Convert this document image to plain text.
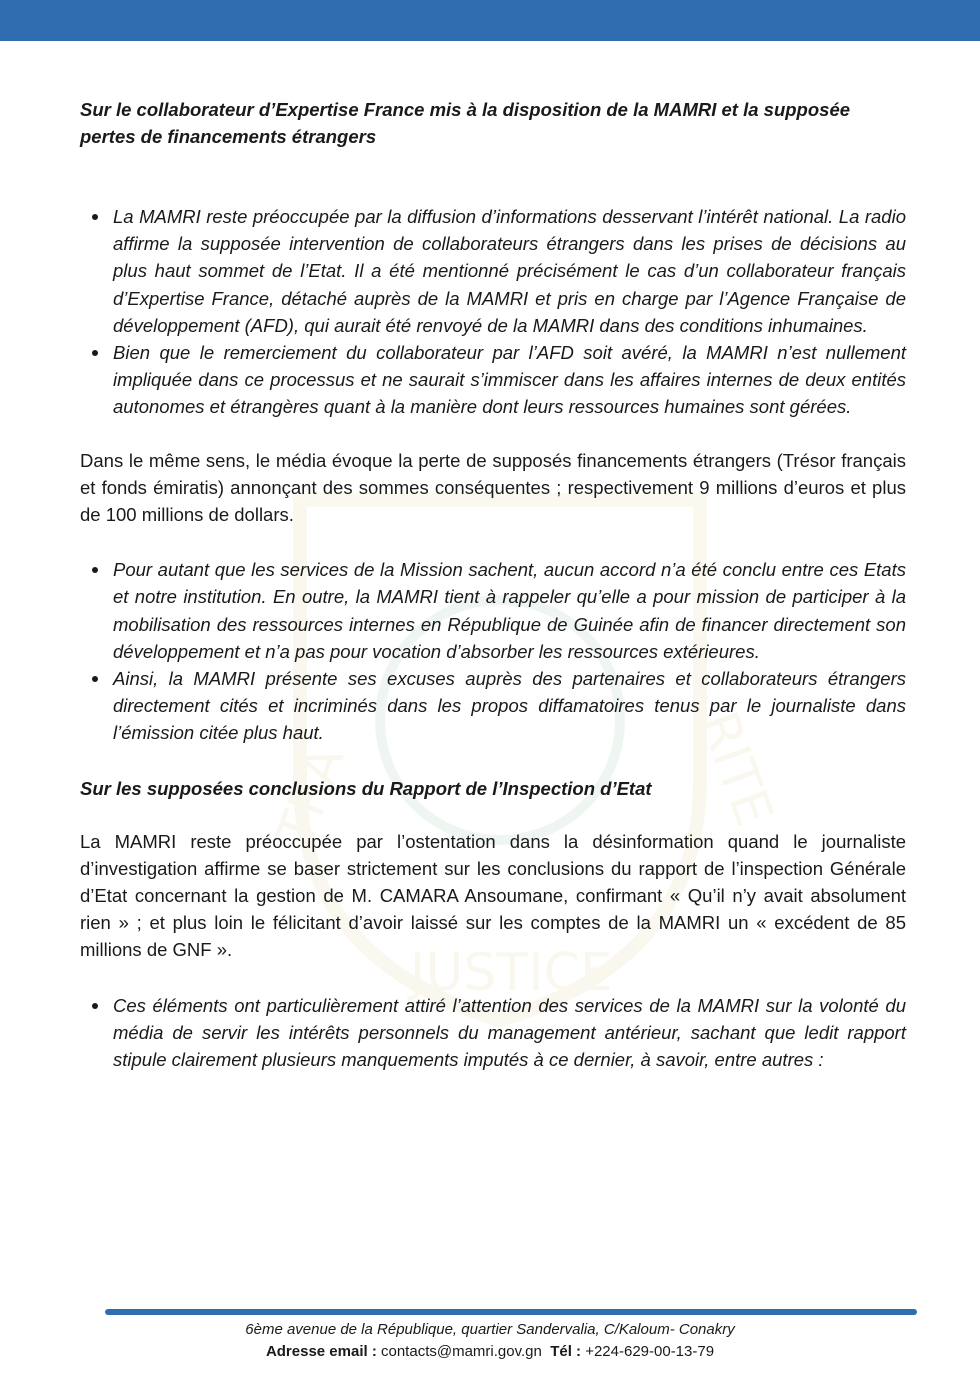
TRA	RITE
JUSTICE

Sur le collaborateur d’Expertise France mis à la disposition de la MAMRI et la supposée pertes de financements étrangers

La MAMRI reste préoccupée par la diffusion d’informations desservant l’intérêt national. La radio affirme la supposée intervention de collaborateurs étrangers dans les prises de décisions au plus haut sommet de l’Etat. Il a été mentionné précisément le cas d’un collaborateur français d’Expertise France, détaché auprès de la MAMRI et pris en charge par l’Agence Française de développement (AFD), qui aurait été renvoyé de la MAMRI dans des conditions inhumaines.
Bien que le remerciement du collaborateur par l’AFD soit avéré, la MAMRI n’est nullement impliquée dans ce processus et ne saurait s’immiscer dans les affaires internes de deux entités autonomes et étrangères quant à la manière dont leurs ressources humaines sont gérées.

Dans le même sens, le média évoque la perte de supposés financements étrangers (Trésor français et fonds émiratis) annonçant des sommes conséquentes ; respectivement 9 millions d’euros et plus de 100 millions de dollars.

Pour autant que les services de la Mission sachent, aucun accord n’a été conclu entre ces Etats et notre institution. En outre, la MAMRI tient à rappeler qu’elle a pour mission de participer à la mobilisation des ressources internes en République de Guinée afin de financer directement son développement et n’a pas pour vocation d’absorber les ressources extérieures.
Ainsi, la MAMRI présente ses excuses auprès des partenaires et collaborateurs étrangers directement cités et incriminés dans les propos diffamatoires tenus par le journaliste dans l’émission citée plus haut.

Sur les supposées conclusions du Rapport de l’Inspection d’Etat

La MAMRI reste préoccupée par l’ostentation dans la désinformation quand le journaliste d’investigation affirme se baser strictement sur les conclusions du rapport de l’inspection Générale d’Etat concernant la gestion de M. CAMARA Ansoumane, confirmant « Qu’il n’y avait absolument rien » ; et plus loin le félicitant d’avoir laissé sur les comptes de la MAMRI un « excédent de 85 millions de GNF ».

Ces éléments ont particulièrement attiré l’attention des services de la MAMRI sur la volonté du média de servir les intérêts personnels du management antérieur, sachant que ledit rapport stipule clairement plusieurs manquements imputés à ce dernier, à savoir, entre autres :
6ème avenue de la République, quartier Sandervalia, C/Kaloum- Conakry
Adresse email : contacts@mamri.gov.gn Tél : +224-629-00-13-79
